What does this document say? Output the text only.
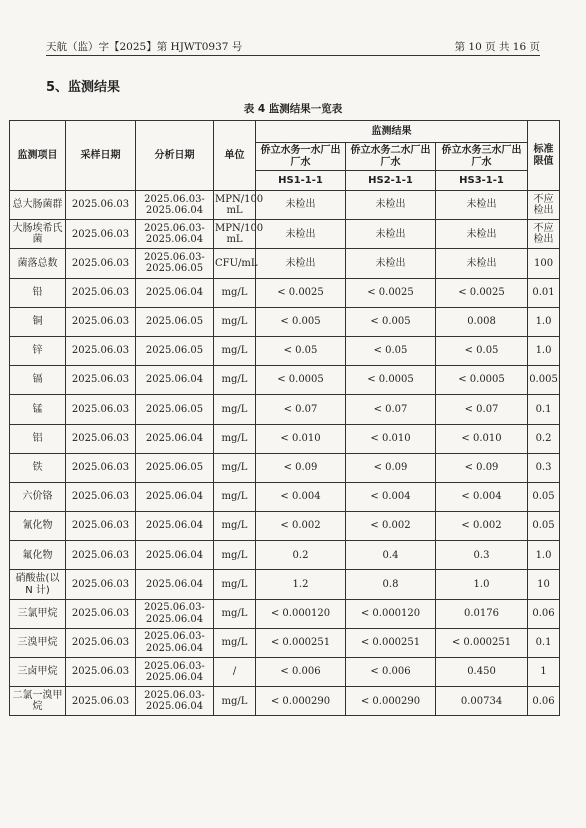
天航（监）字【2025】第 HJWT0937 号	第 10 页 共 16 页
5、监测结果
表 4 监测结果一览表
监测项目	采样日期	分析日期	单位	监测结果			标准限值
				侨立水务一水厂出厂水	侨立水务二水厂出厂水	侨立水务三水厂出厂水	
				HS1-1-1	HS2-1-1	HS3-1-1	
总大肠菌群	2025.06.03	2025.06.03-2025.06.04	MPN/100 mL	未检出	未检出	未检出	不应检出
大肠埃希氏菌	2025.06.03	2025.06.03-2025.06.04	MPN/100 mL	未检出	未检出	未检出	不应检出
菌落总数	2025.06.03	2025.06.03-2025.06.05	CFU/mL	未检出	未检出	未检出	100
铅	2025.06.03	2025.06.04	mg/L	< 0.0025	< 0.0025	< 0.0025	0.01
铜	2025.06.03	2025.06.05	mg/L	< 0.005	< 0.005	0.008	1.0
锌	2025.06.03	2025.06.05	mg/L	< 0.05	< 0.05	< 0.05	1.0
镉	2025.06.03	2025.06.04	mg/L	< 0.0005	< 0.0005	< 0.0005	0.005
锰	2025.06.03	2025.06.05	mg/L	< 0.07	< 0.07	< 0.07	0.1
铝	2025.06.03	2025.06.04	mg/L	< 0.010	< 0.010	< 0.010	0.2
铁	2025.06.03	2025.06.05	mg/L	< 0.09	< 0.09	< 0.09	0.3
六价铬	2025.06.03	2025.06.04	mg/L	< 0.004	< 0.004	< 0.004	0.05
氰化物	2025.06.03	2025.06.04	mg/L	< 0.002	< 0.002	< 0.002	0.05
氟化物	2025.06.03	2025.06.04	mg/L	0.2	0.4	0.3	1.0
硝酸盐(以 N 计)	2025.06.03	2025.06.04	mg/L	1.2	0.8	1.0	10
三氯甲烷	2025.06.03	2025.06.03-2025.06.04	mg/L	< 0.000120	< 0.000120	0.0176	0.06
三溴甲烷	2025.06.03	2025.06.03-2025.06.04	mg/L	< 0.000251	< 0.000251	< 0.000251	0.1
三卤甲烷	2025.06.03	2025.06.03-2025.06.04	/	< 0.006	< 0.006	0.450	1
二氯一溴甲烷	2025.06.03	2025.06.03-2025.06.04	mg/L	< 0.000290	< 0.000290	0.00734	0.06
